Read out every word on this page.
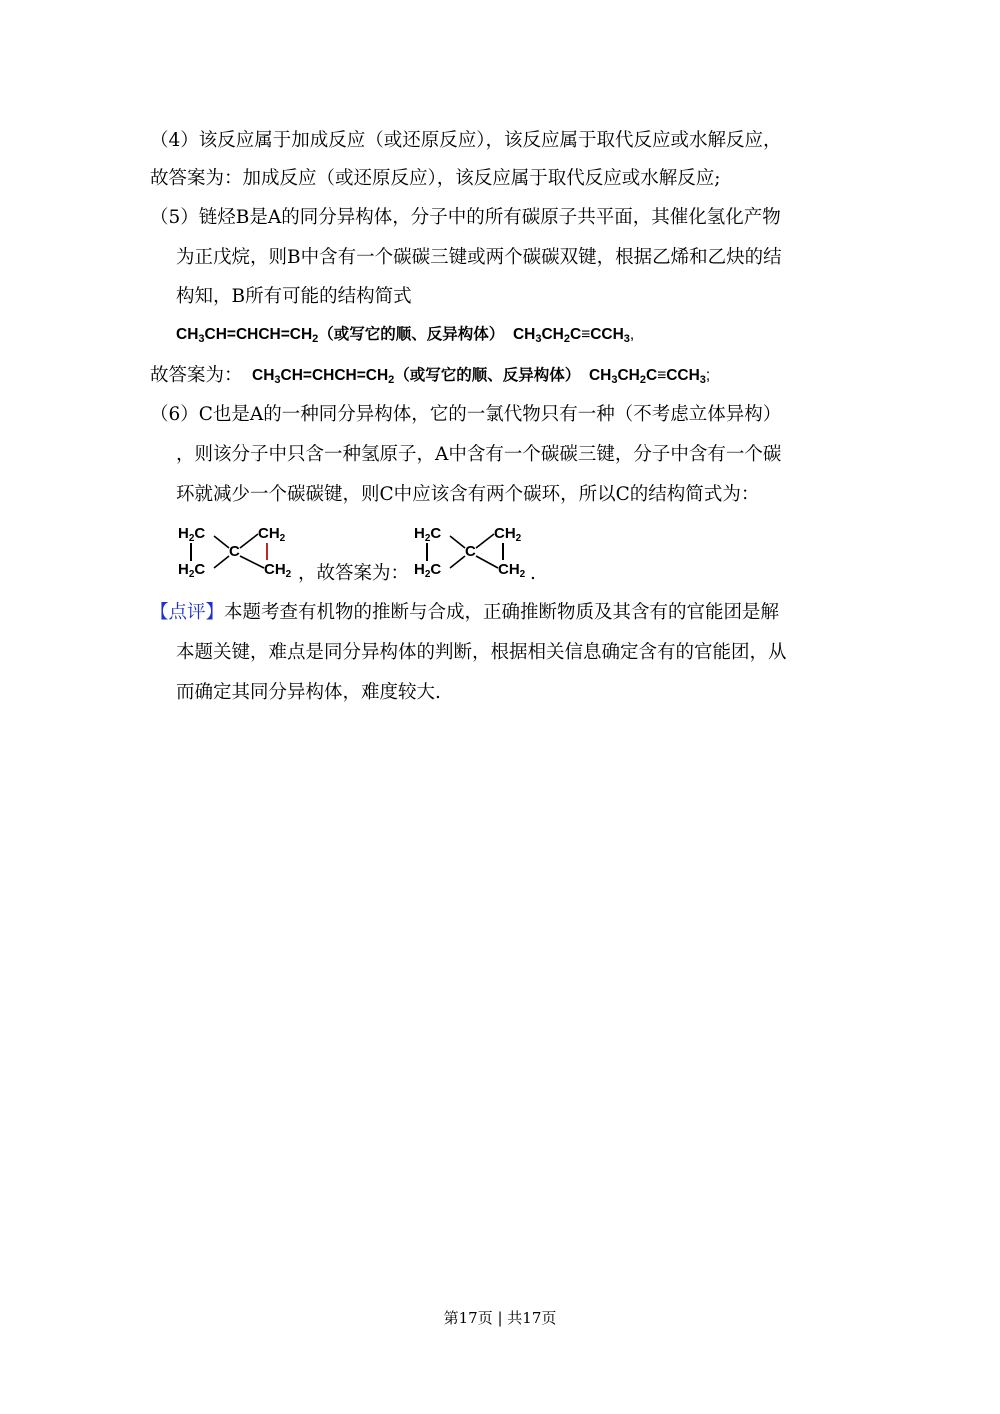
（4）该反应属于加成反应（或还原反应），该反应属于取代反应或水解反应，
故答案为：加成反应（或还原反应），该反应属于取代反应或水解反应;
（5）链烃B是A的同分异构体，分子中的所有碳原子共平面，其催化氢化产物
为正戊烷，则B中含有一个碳碳三键或两个碳碳双键，根据乙烯和乙炔的结
构知，B所有可能的结构简式
$CH_3CH=CHCH=CH_2$（或写它的顺、反异构体） $CH_3CH_2C\equiv CCH_3$,
故答案为： $CH_3CH=CHCH=CH_2$（或写它的顺、反异构体） $CH_3CH_2C\equiv CCH_3$;
（6）C也是A的一种同分异构体，它的一氯代物只有一种（不考虑立体异构）
，则该分子中只含一种氢原子，A中含有一个碳碳三键，分子中含有一个碳
环就减少一个碳碳键，则C中应该含有两个碳环，所以C的结构简式为：
$H_2C$
$H_2C$
$CH_2$
$CH_2$
C
，故答案为：
$H_2C$
$H_2C$
$CH_2$
$CH_2$
C
.
【点评】本题考查有机物的推断与合成，正确推断物质及其含有的官能团是解
本题关键，难点是同分异构体的判断，根据相关信息确定含有的官能团，从
而确定其同分异构体，难度较大.
第17页 | 共17页
